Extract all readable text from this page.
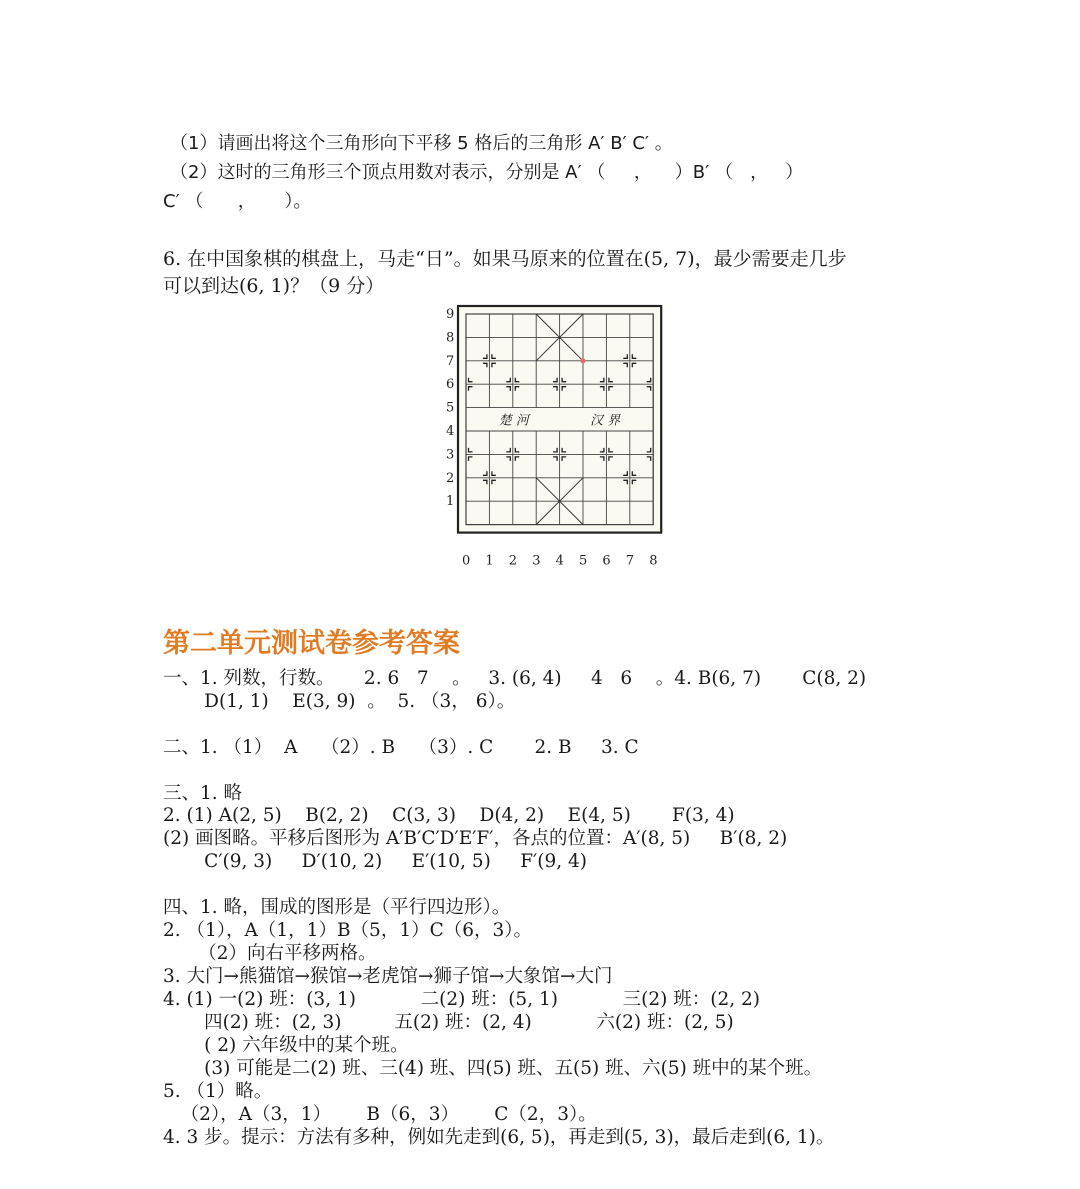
（1）请画出将这个三角形向下平移 5 格后的三角形 A′ B′ C′ 。
（2）这时的三角形三个顶点用数对表示，分别是 A′ （     ，    ）B′ （   ，   ）
C′ （      ，     ）。
6. 在中国象棋的棋盘上，马走“日”。如果马原来的位置在(5, 7)，最少需要走几步
可以到达(6, 1)？（9 分）
楚 河	汉 界
1
2
3
4
5
6
7
8
9
0 1 2 3 4 5 6 7 8
第二单元测试卷参考答案
一、1. 列数，行数。     2. 6   7    。   3. (6, 4)     4   6    。4. B(6, 7)       C(8, 2)
D(1, 1)    E(3, 9)  。  5. （3， 6）。
二、1. （1）  A    （2）. B    （3）. C       2. B     3. C
三、1. 略
2. (1) A(2, 5)    B(2, 2)    C(3, 3)    D(4, 2)    E(4, 5)       F(3, 4)
(2) 画图略。平移后图形为 A′B′C′D′E′F′，各点的位置：A′(8, 5)     B′(8, 2)
C′(9, 3)     D′(10, 2)     E′(10, 5)     F′(9, 4)
四、1. 略，围成的图形是（平行四边形）。
2. （1），A（1，1）B（5，1）C（6，3）。
（2）向右平移两格。
3. 大门→熊猫馆→猴馆→老虎馆→狮子馆→大象馆→大门
4. (1) 一(2) 班：(3, 1)           二(2) 班：(5, 1)           三(2) 班：(2, 2)
四(2) 班：(2, 3)         五(2) 班：(2, 4)           六(2) 班：(2, 5)
( 2) 六年级中的某个班。
(3) 可能是二(2) 班、三(4) 班、四(5) 班、五(5) 班、六(5) 班中的某个班。
5. （1）略。
（2），A（3，1）      B（6，3）      C（2，3）。
4. 3 步。提示：方法有多种，例如先走到(6, 5)，再走到(5, 3)，最后走到(6, 1)。
